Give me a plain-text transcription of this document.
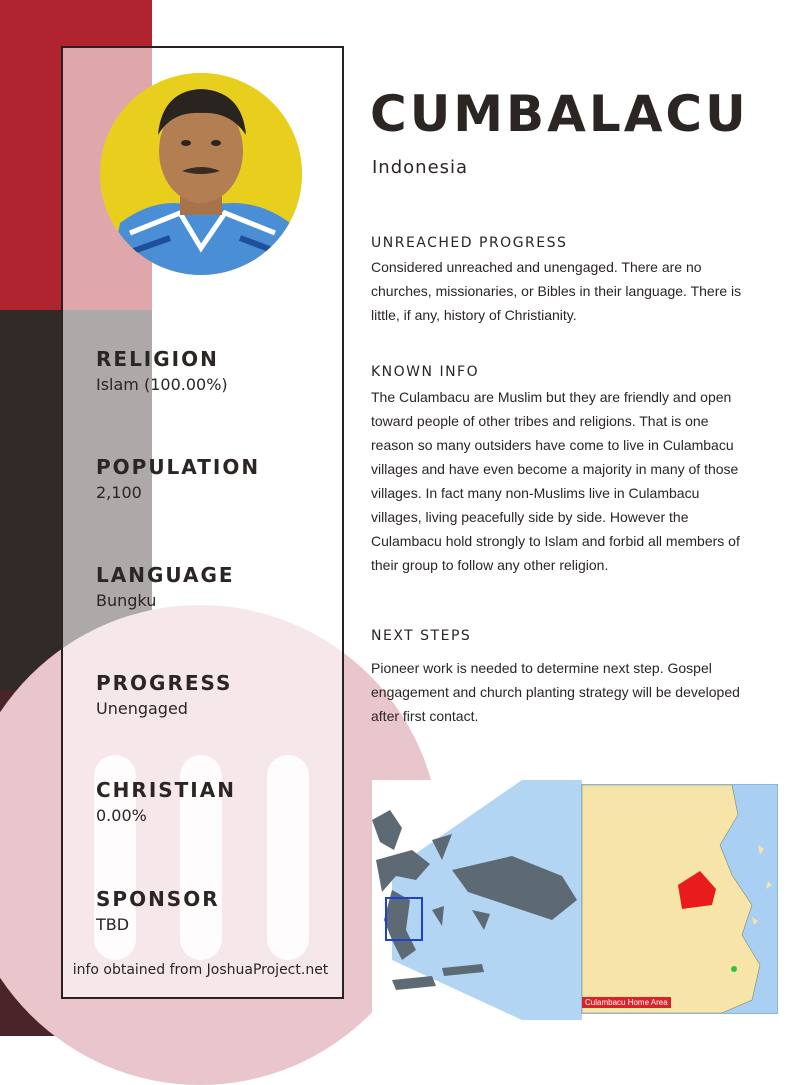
RELIGION
Islam (100.00%)
POPULATION
2,100
LANGUAGE
Bungku
PROGRESS
Unengaged
CHRISTIAN
0.00%
SPONSOR
TBD
info obtained from JoshuaProject.net
CUMBALACU
Indonesia
UNREACHED PROGRESS
Considered unreached and unengaged. There are no churches, missionaries, or Bibles in their language. There is little, if any, history of Christianity.
KNOWN INFO
The Culambacu are Muslim but they are friendly and open toward people of other tribes and religions. That is one reason so many outsiders have come to live in Culambacu villages and have even become a majority in many of those villages. In fact many non-Muslims live in Culambacu villages, living peacefully side by side. However the Culambacu hold strongly to Islam and forbid all members of their group to follow any other religion.
NEXT STEPS
Pioneer work is needed to determine next step. Gospel engagement and church planting strategy will be developed after first contact.
Culambacu Home Area
